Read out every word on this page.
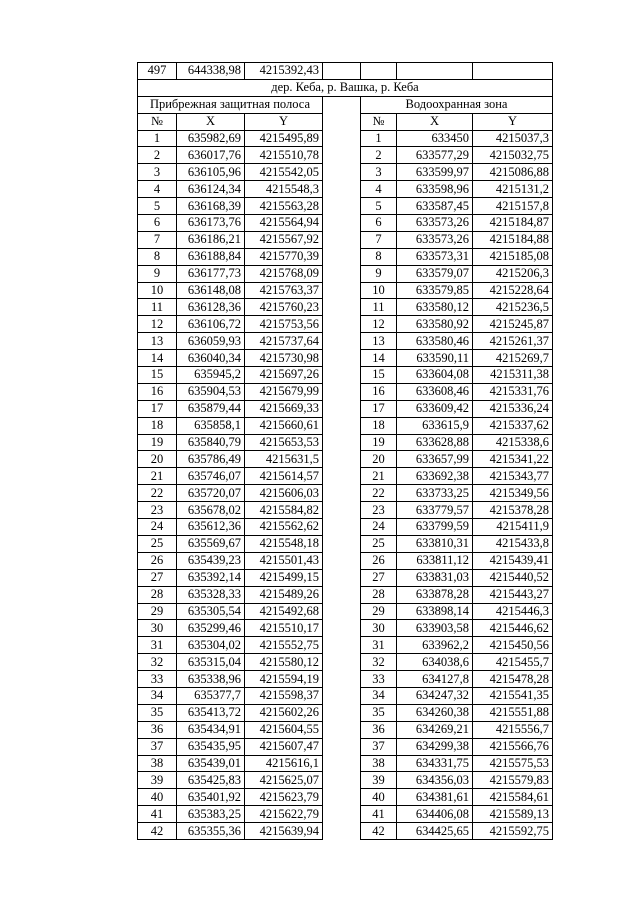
497	644338,98	4215392,43				
дер. Кеба, р. Вашка, р. Кеба						
Прибрежная защитная полоса				Водоохранная зона		
№	X	Y		№	X	Y
1	635982,69	4215495,89		1	633450	4215037,3
2	636017,76	4215510,78		2	633577,29	4215032,75
3	636105,96	4215542,05		3	633599,97	4215086,88
4	636124,34	4215548,3		4	633598,96	4215131,2
5	636168,39	4215563,28		5	633587,45	4215157,8
6	636173,76	4215564,94		6	633573,26	4215184,87
7	636186,21	4215567,92		7	633573,26	4215184,88
8	636188,84	4215770,39		8	633573,31	4215185,08
9	636177,73	4215768,09		9	633579,07	4215206,3
10	636148,08	4215763,37		10	633579,85	4215228,64
11	636128,36	4215760,23		11	633580,12	4215236,5
12	636106,72	4215753,56		12	633580,92	4215245,87
13	636059,93	4215737,64		13	633580,46	4215261,37
14	636040,34	4215730,98		14	633590,11	4215269,7
15	635945,2	4215697,26		15	633604,08	4215311,38
16	635904,53	4215679,99		16	633608,46	4215331,76
17	635879,44	4215669,33		17	633609,42	4215336,24
18	635858,1	4215660,61		18	633615,9	4215337,62
19	635840,79	4215653,53		19	633628,88	4215338,6
20	635786,49	4215631,5		20	633657,99	4215341,22
21	635746,07	4215614,57		21	633692,38	4215343,77
22	635720,07	4215606,03		22	633733,25	4215349,56
23	635678,02	4215584,82		23	633779,57	4215378,28
24	635612,36	4215562,62		24	633799,59	4215411,9
25	635569,67	4215548,18		25	633810,31	4215433,8
26	635439,23	4215501,43		26	633811,12	4215439,41
27	635392,14	4215499,15		27	633831,03	4215440,52
28	635328,33	4215489,26		28	633878,28	4215443,27
29	635305,54	4215492,68		29	633898,14	4215446,3
30	635299,46	4215510,17		30	633903,58	4215446,62
31	635304,02	4215552,75		31	633962,2	4215450,56
32	635315,04	4215580,12		32	634038,6	4215455,7
33	635338,96	4215594,19		33	634127,8	4215478,28
34	635377,7	4215598,37		34	634247,32	4215541,35
35	635413,72	4215602,26		35	634260,38	4215551,88
36	635434,91	4215604,55		36	634269,21	4215556,7
37	635435,95	4215607,47		37	634299,38	4215566,76
38	635439,01	4215616,1		38	634331,75	4215575,53
39	635425,83	4215625,07		39	634356,03	4215579,83
40	635401,92	4215623,79		40	634381,61	4215584,61
41	635383,25	4215622,79		41	634406,08	4215589,13
42	635355,36	4215639,94		42	634425,65	4215592,75
